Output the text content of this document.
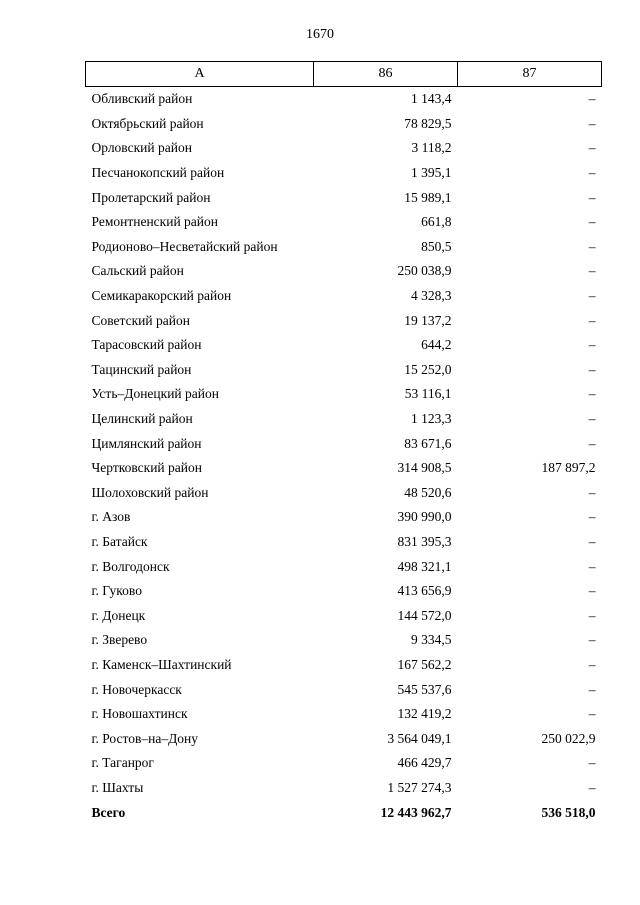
1670
А	86	87
Обливский район	1 143,4	–
Октябрьский район	78 829,5	–
Орловский район	3 118,2	–
Песчанокопский район	1 395,1	–
Пролетарский район	15 989,1	–
Ремонтненский район	661,8	–
Родионово–Несветайский район	850,5	–
Сальский район	250 038,9	–
Семикаракорский район	4 328,3	–
Советский район	19 137,2	–
Тарасовский район	644,2	–
Тацинский район	15 252,0	–
Усть–Донецкий район	53 116,1	–
Целинский район	1 123,3	–
Цимлянский район	83 671,6	–
Чертковский район	314 908,5	187 897,2
Шолоховский район	48 520,6	–
г. Азов	390 990,0	–
г. Батайск	831 395,3	–
г. Волгодонск	498 321,1	–
г. Гуково	413 656,9	–
г. Донецк	144 572,0	–
г. Зверево	9 334,5	–
г. Каменск–Шахтинский	167 562,2	–
г. Новочеркасск	545 537,6	–
г. Новошахтинск	132 419,2	–
г. Ростов–на–Дону	3 564 049,1	250 022,9
г. Таганрог	466 429,7	–
г. Шахты	1 527 274,3	–
Всего	12 443 962,7	536 518,0
